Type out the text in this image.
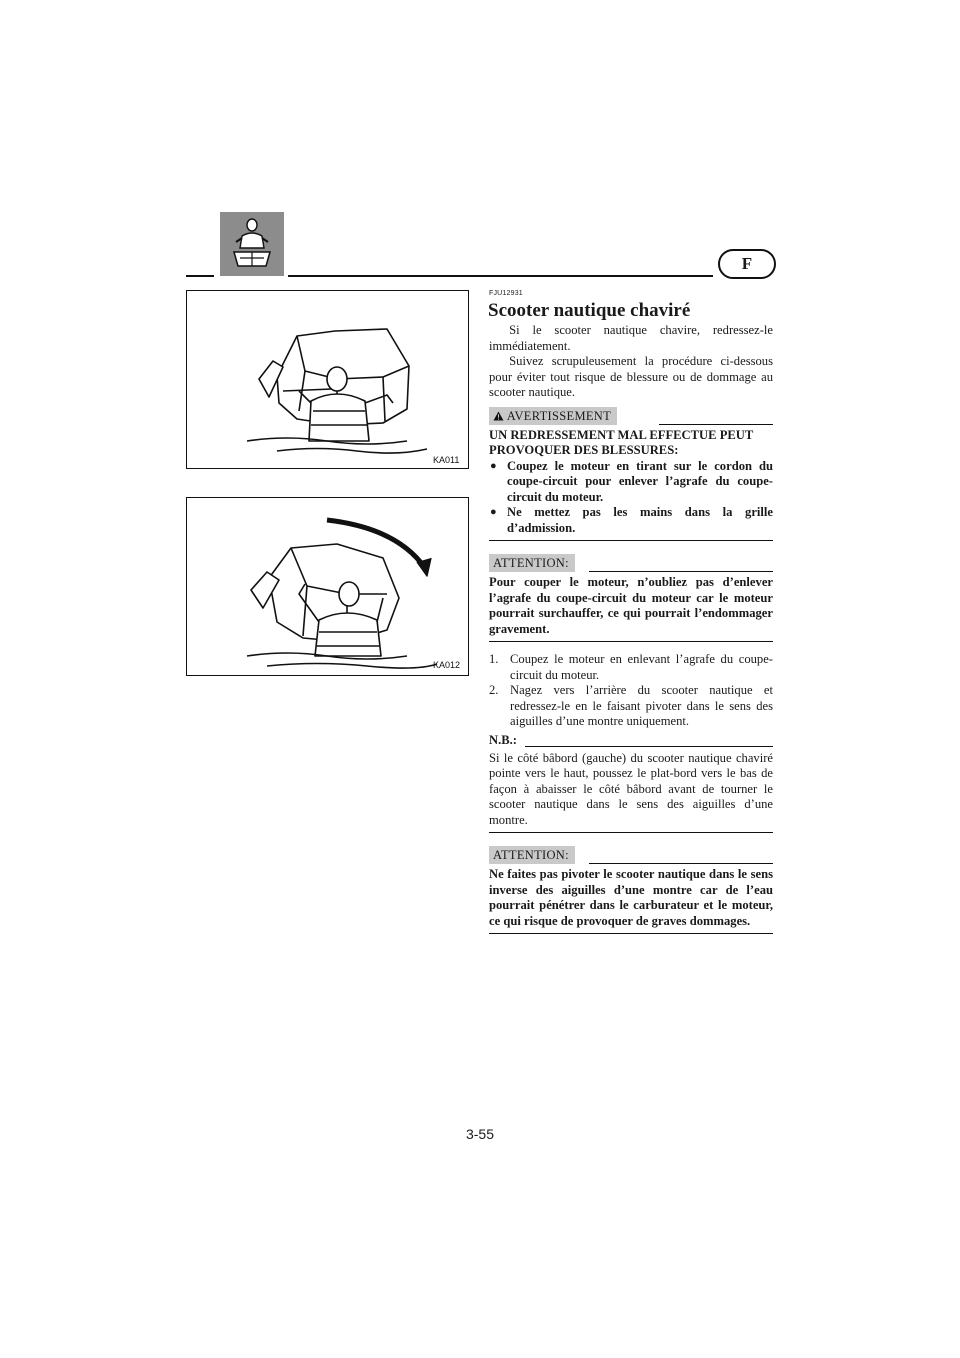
F
KA011
KA012
FJU12931
Scooter nautique chaviré

Si le scooter nautique chavire, redressez-le immédiatement.

Suivez scrupuleusement la procédure ci-dessous pour éviter tout risque de blessure ou de dommage au scooter nautique.

AVERTISSEMENT

UN REDRESSEMENT MAL EFFECTUE PEUT PROVOQUER DES BLESSURES:

● Coupez le moteur en tirant sur le cordon du coupe-circuit pour enlever l’agrafe du coupe-circuit du moteur.
● Ne mettez pas les mains dans la grille d’admission.
ATTENTION:

Pour couper le moteur, n’oubliez pas d’enlever l’agrafe du coupe-circuit du moteur car le moteur pourrait surchauffer, ce qui pourrait l’endommager gravement.

1. Coupez le moteur en enlevant l’agrafe du coupe-circuit du moteur.
2. Nagez vers l’arrière du scooter nautique et redressez-le en le faisant pivoter dans le sens des aiguilles d’une montre uniquement.
N.B.:

Si le côté bâbord (gauche) du scooter nautique chaviré pointe vers le haut, poussez le plat-bord vers le bas de façon à abaisser le côté bâbord avant de tourner le scooter nautique dans le sens des aiguilles d’une montre.

ATTENTION:

Ne faites pas pivoter le scooter nautique dans le sens inverse des aiguilles d’une montre car de l’eau pourrait pénétrer dans le carburateur et le moteur, ce qui risque de provoquer de graves dommages.

3-55
